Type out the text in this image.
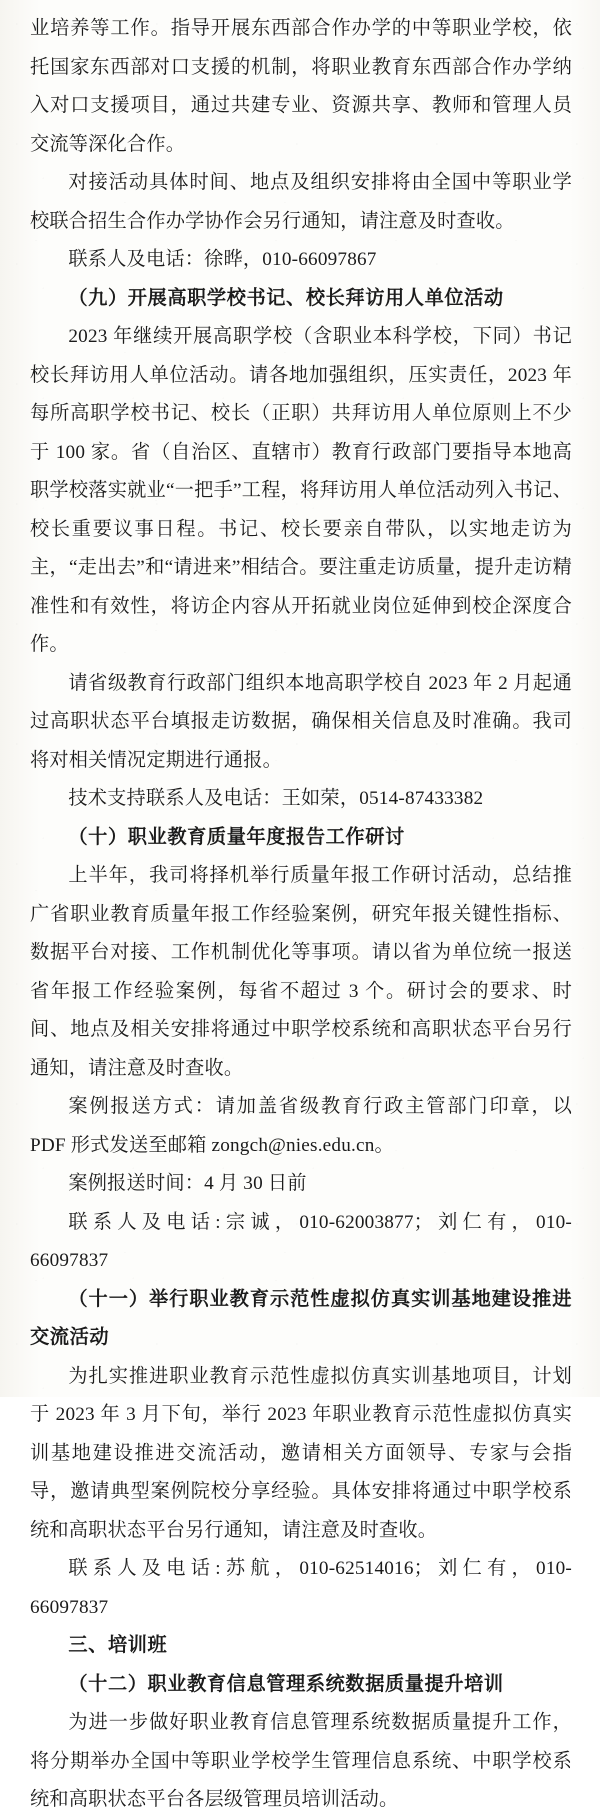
业培养等工作。指导开展东西部合作办学的中等职业学校，依托国家东西部对口支援的机制，将职业教育东西部合作办学纳入对口支援项目，通过共建专业、资源共享、教师和管理人员交流等深化合作。

对接活动具体时间、地点及组织安排将由全国中等职业学校联合招生合作办学协作会另行通知，请注意及时查收。

联系人及电话：徐晔，010-66097867

（九）开展高职学校书记、校长拜访用人单位活动

2023 年继续开展高职学校（含职业本科学校，下同）书记校长拜访用人单位活动。请各地加强组织，压实责任，2023 年每所高职学校书记、校长（正职）共拜访用人单位原则上不少于 100 家。省（自治区、直辖市）教育行政部门要指导本地高职学校落实就业“一把手”工程，将拜访用人单位活动列入书记、校长重要议事日程。书记、校长要亲自带队，以实地走访为主，“走出去”和“请进来”相结合。要注重走访质量，提升走访精准性和有效性，将访企内容从开拓就业岗位延伸到校企深度合作。

请省级教育行政部门组织本地高职学校自 2023 年 2 月起通过高职状态平台填报走访数据，确保相关信息及时准确。我司将对相关情况定期进行通报。

技术支持联系人及电话：王如荣，0514-87433382

（十）职业教育质量年度报告工作研讨

上半年，我司将择机举行质量年报工作研讨活动，总结推广省职业教育质量年报工作经验案例，研究年报关键性指标、数据平台对接、工作机制优化等事项。请以省为单位统一报送省年报工作经验案例，每省不超过 3 个。研讨会的要求、时间、地点及相关安排将通过中职学校系统和高职状态平台另行通知，请注意及时查收。

案例报送方式：请加盖省级教育行政主管部门印章，以 PDF 形式发送至邮箱 zongch@nies.edu.cn。

案例报送时间：4 月 30 日前

联系人及电话:宗诚，010-62003877；刘仁有，010-66097837

（十一）举行职业教育示范性虚拟仿真实训基地建设推进交流活动

为扎实推进职业教育示范性虚拟仿真实训基地项目，计划于 2023 年 3 月下旬，举行 2023 年职业教育示范性虚拟仿真实训基地建设推进交流活动，邀请相关方面领导、专家与会指导，邀请典型案例院校分享经验。具体安排将通过中职学校系统和高职状态平台另行通知，请注意及时查收。

联系人及电话:苏航，010-62514016；刘仁有，010-66097837

三、培训班

（十二）职业教育信息管理系统数据质量提升培训

为进一步做好职业教育信息管理系统数据质量提升工作，将分期举办全国中等职业学校学生管理信息系统、中职学校系统和高职状态平台各层级管理员培训活动。
